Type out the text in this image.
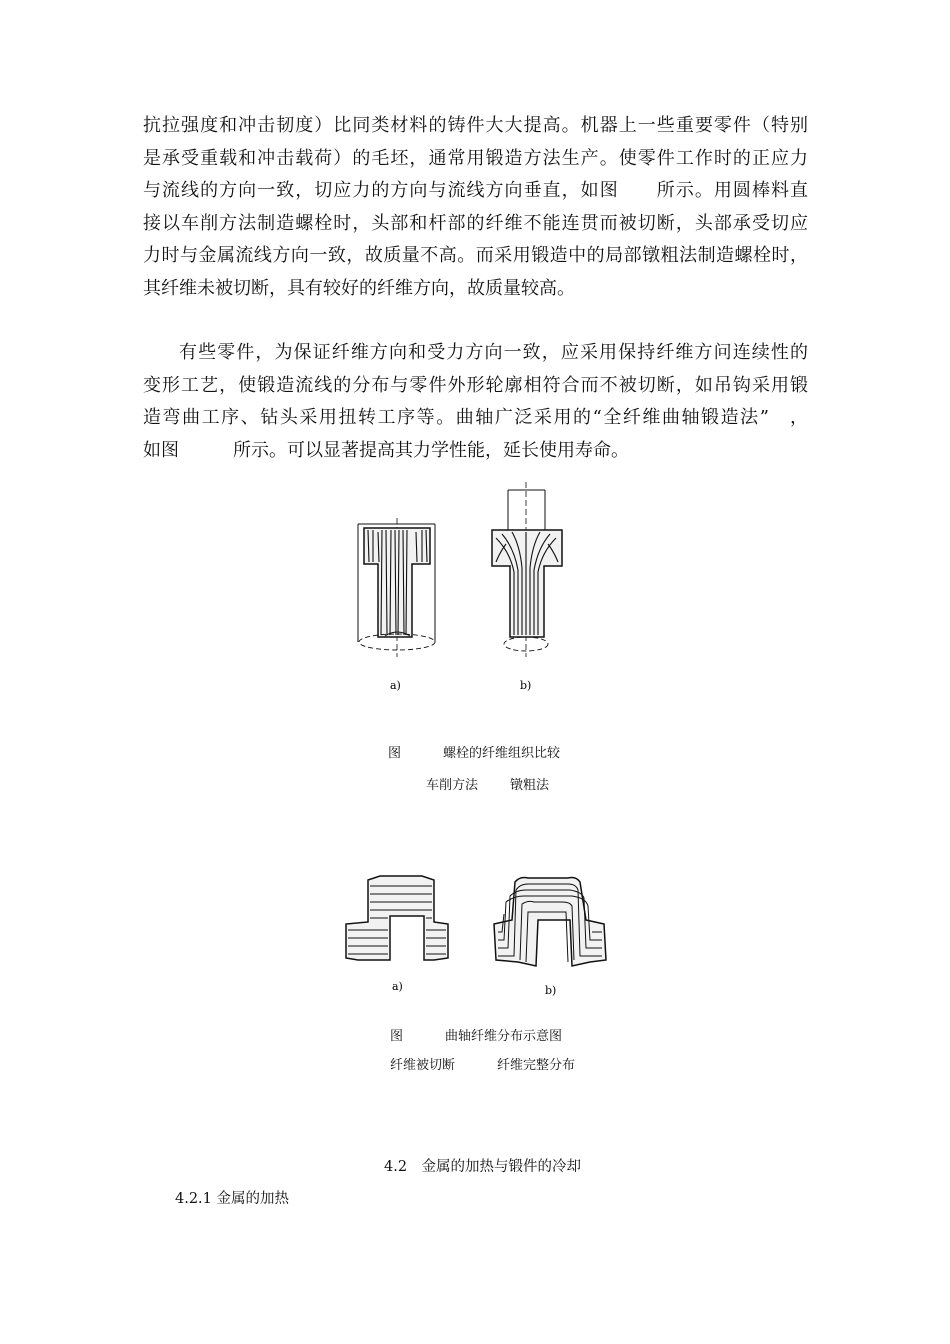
抗拉强度和冲击韧度）比同类材料的铸件大大提高。机器上一些重要零件（特别
是承受重载和冲击载荷）的毛坯，通常用锻造方法生产。使零件工作时的正应力
与流线的方向一致，切应力的方向与流线方向垂直，如图　　所示。用圆棒料直
接以车削方法制造螺栓时，头部和杆部的纤维不能连贯而被切断，头部承受切应
力时与金属流线方向一致，故质量不高。而采用锻造中的局部镦粗法制造螺栓时，
其纤维未被切断，具有较好的纤维方向，故质量较高。
有些零件，为保证纤维方向和受力方向一致，应采用保持纤维方问连续性的
变形工艺，使锻造流线的分布与零件外形轮廓相符合而不被切断，如吊钩采用锻
造弯曲工序、钻头采用扭转工序等。曲轴广泛采用的“全纤维曲轴锻造法”　，
如图　　　所示。可以显著提高其力学性能，延长使用寿命。
a)	b)
图	螺栓的纤维组织比较
车削方法 镦粗法
a)	b)
图	曲轴纤维分布示意图
纤维被切断	纤维完整分布
4.2　金属的加热与锻件的冷却
4.2.1 金属的加热
